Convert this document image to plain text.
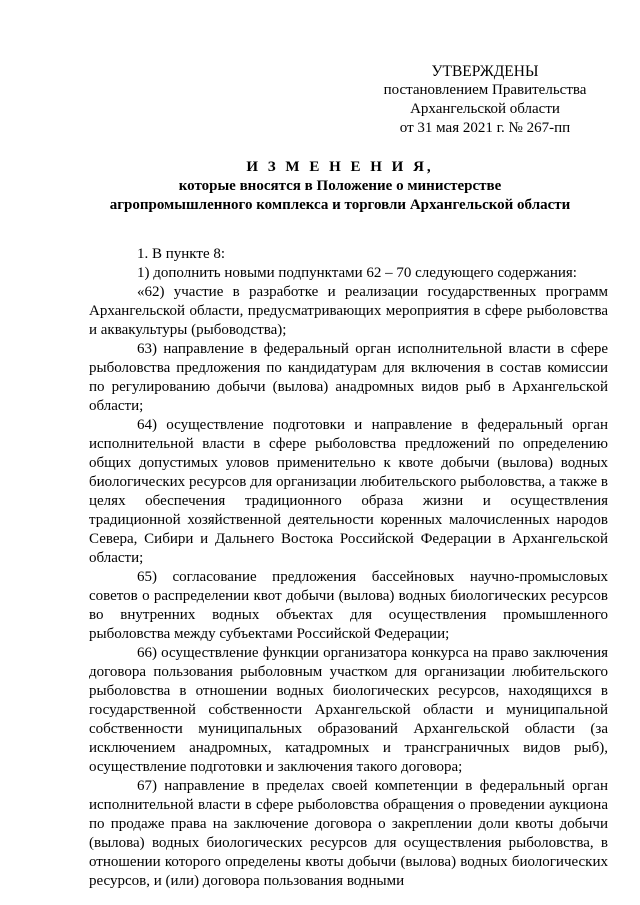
УТВЕРЖДЕНЫ
постановлением Правительства
Архангельской области
от 31 мая 2021 г. № 267-пп
И З М Е Н Е Н И Я,
которые вносятся в Положение о министерстве
агропромышленного комплекса и торговли Архангельской области

1. В пункте 8:

1) дополнить новыми подпунктами 62 – 70 следующего содержания:

«62) участие в разработке и реализации государственных программ Архангельской области, предусматривающих мероприятия в сфере рыболовства и аквакультуры (рыбоводства);

63) направление в федеральный орган исполнительной власти в сфере рыболовства предложения по кандидатурам для включения в состав комиссии по регулированию добычи (вылова) анадромных видов рыб в Архангельской области;

64) осуществление подготовки и направление в федеральный орган исполнительной власти в сфере рыболовства предложений по определению общих допустимых уловов применительно к квоте добычи (вылова) водных биологических ресурсов для организации любительского рыболовства, а также в целях обеспечения традиционного образа жизни и осуществления традиционной хозяйственной деятельности коренных малочисленных народов Севера, Сибири и Дальнего Востока Российской Федерации в Архангельской области;

65) согласование предложения бассейновых научно-промысловых советов о распределении квот добычи (вылова) водных биологических ресурсов во внутренних водных объектах для осуществления промышленного рыболовства между субъектами Российской Федерации;

66) осуществление функции организатора конкурса на право заключения договора пользования рыболовным участком для организации любительского рыболовства в отношении водных биологических ресурсов, находящихся в государственной собственности Архангельской области и муниципальной собственности муниципальных образований Архангельской области (за исключением анадромных, катадромных и трансграничных видов рыб), осуществление подготовки и заключения такого договора;

67) направление в пределах своей компетенции в федеральный орган исполнительной власти в сфере рыболовства обращения о проведении аукциона по продаже права на заключение договора о закреплении доли квоты добычи (вылова) водных биологических ресурсов для осуществления рыболовства, в отношении которого определены квоты добычи (вылова) водных биологических ресурсов, и (или) договора пользования водными
